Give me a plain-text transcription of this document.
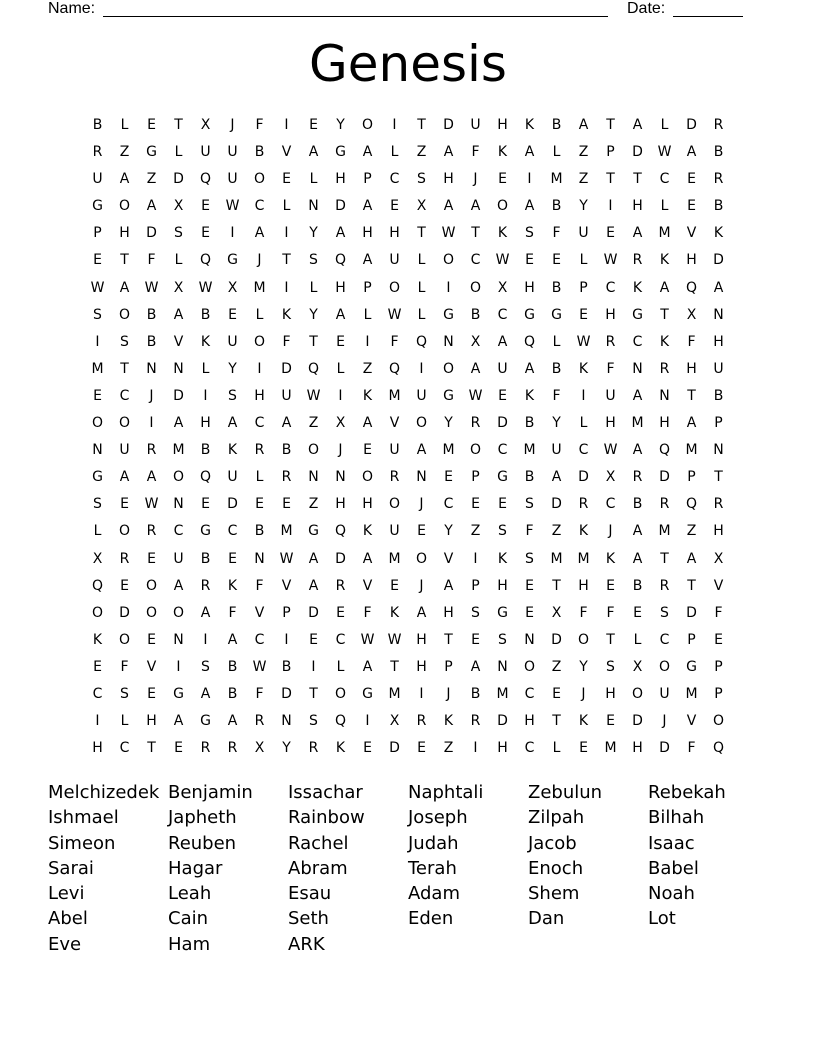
Name:	Date:
Genesis
B	L	E	T	X	J	F	I	E	Y	O	I	T	D	U	H	K	B	A	T	A	L	D	R
R	Z	G	L	U	U	B	V	A	G	A	L	Z	A	F	K	A	L	Z	P	D	W	A	B
U	A	Z	D	Q	U	O	E	L	H	P	C	S	H	J	E	I	M	Z	T	T	C	E	R
G	O	A	X	E	W	C	L	N	D	A	E	X	A	A	O	A	B	Y	I	H	L	E	B
P	H	D	S	E	I	A	I	Y	A	H	H	T	W	T	K	S	F	U	E	A	M	V	K
E	T	F	L	Q	G	J	T	S	Q	A	U	L	O	C	W	E	E	L	W	R	K	H	D
W	A	W	X	W	X	M	I	L	H	P	O	L	I	O	X	H	B	P	C	K	A	Q	A
S	O	B	A	B	E	L	K	Y	A	L	W	L	G	B	C	G	G	E	H	G	T	X	N
I	S	B	V	K	U	O	F	T	E	I	F	Q	N	X	A	Q	L	W	R	C	K	F	H
M	T	N	N	L	Y	I	D	Q	L	Z	Q	I	O	A	U	A	B	K	F	N	R	H	U
E	C	J	D	I	S	H	U	W	I	K	M	U	G	W	E	K	F	I	U	A	N	T	B
O	O	I	A	H	A	C	A	Z	X	A	V	O	Y	R	D	B	Y	L	H	M	H	A	P
N	U	R	M	B	K	R	B	O	J	E	U	A	M	O	C	M	U	C	W	A	Q	M	N
G	A	A	O	Q	U	L	R	N	N	O	R	N	E	P	G	B	A	D	X	R	D	P	T
S	E	W	N	E	D	E	E	Z	H	H	O	J	C	E	E	S	D	R	C	B	R	Q	R
L	O	R	C	G	C	B	M	G	Q	K	U	E	Y	Z	S	F	Z	K	J	A	M	Z	H
X	R	E	U	B	E	N	W	A	D	A	M	O	V	I	K	S	M	M	K	A	T	A	X
Q	E	O	A	R	K	F	V	A	R	V	E	J	A	P	H	E	T	H	E	B	R	T	V
O	D	O	O	A	F	V	P	D	E	F	K	A	H	S	G	E	X	F	F	E	S	D	F
K	O	E	N	I	A	C	I	E	C	W W	H	T	E	S	N	D	O	T	L	C	P	E
E	F	V	I	S	B	W	B	I	L	A	T	H	P	A	N	O	Z	Y	S	X	O	G	P
C	S	E	G	A	B	F	D	T	O	G	M	I	J	B	M	C	E	J	H	O	U	M	P
I	L	H	A	G	A	R	N	S	Q	I	X	R	K	R	D	H	T	K	E	D	J	V	O
H	C	T	E	R	R	X	Y	R	K	E	D	E	Z	I	H	C	L	E	M	H	D	F	Q
Melchizedek Benjamin	Issachar	Naphtali	Zebulun	Rebekah
Ishmael	Japheth	Rainbow	Joseph	Zilpah	Bilhah
Simeon	Reuben	Rachel	Judah	Jacob	Isaac
Sarai	Hagar	Abram	Terah	Enoch	Babel
Levi	Leah	Esau	Adam	Shem	Noah
Abel	Cain	Seth	Eden	Dan	Lot
Eve	Ham	ARK
